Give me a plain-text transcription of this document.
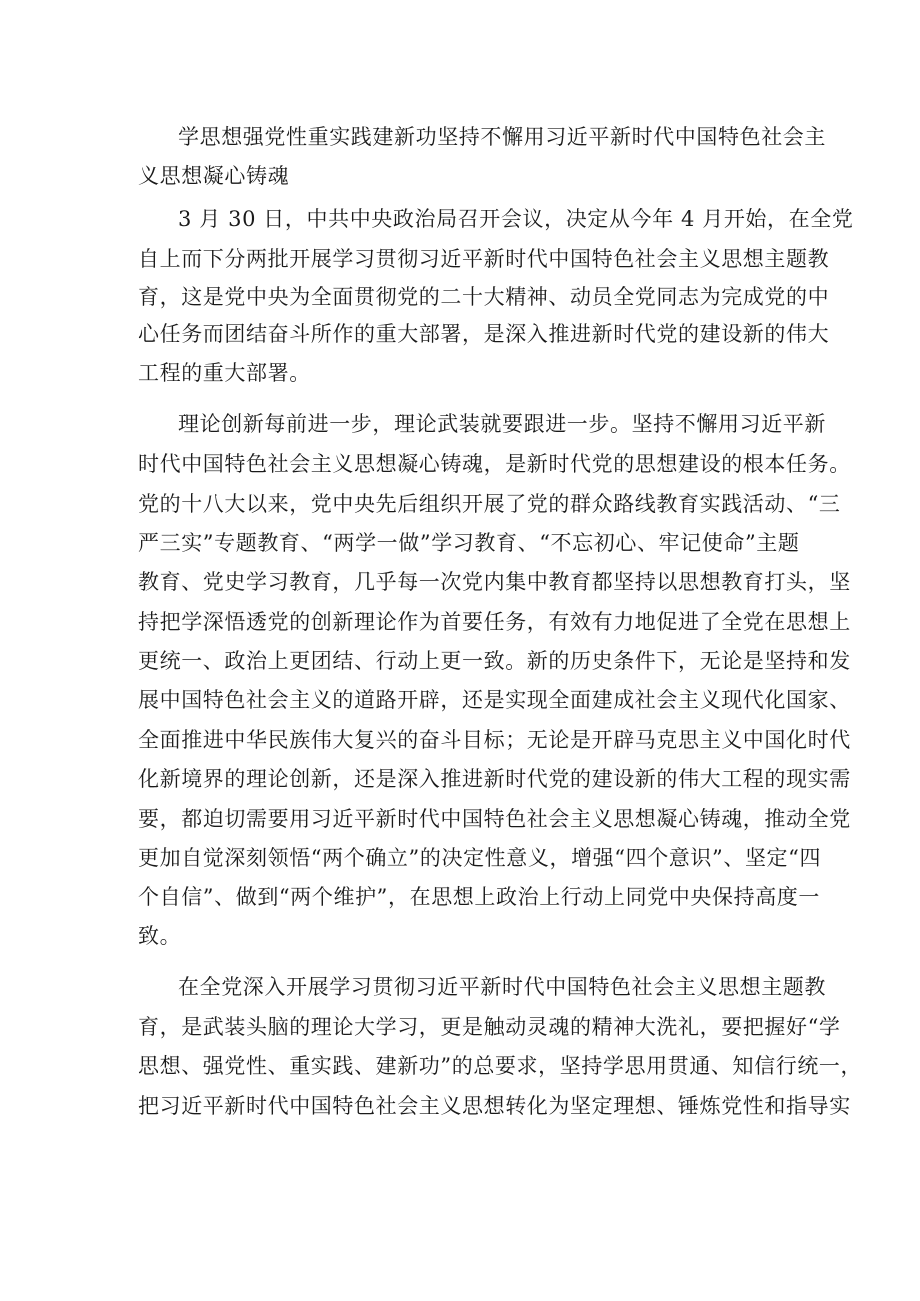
学思想强党性重实践建新功坚持不懈用习近平新时代中国特色社会主
义思想凝心铸魂
3 月 30 日，中共中央政治局召开会议，决定从今年 4 月开始，在全党
自上而下分两批开展学习贯彻习近平新时代中国特色社会主义思想主题教
育，这是党中央为全面贯彻党的二十大精神、动员全党同志为完成党的中
心任务而团结奋斗所作的重大部署，是深入推进新时代党的建设新的伟大
工程的重大部署。
理论创新每前进一步，理论武装就要跟进一步。坚持不懈用习近平新
时代中国特色社会主义思想凝心铸魂，是新时代党的思想建设的根本任务。
党的十八大以来，党中央先后组织开展了党的群众路线教育实践活动、“三
严三实”专题教育、“两学一做”学习教育、“不忘初心、牢记使命”主题
教育、党史学习教育，几乎每一次党内集中教育都坚持以思想教育打头，坚
持把学深悟透党的创新理论作为首要任务，有效有力地促进了全党在思想上
更统一、政治上更团结、行动上更一致。新的历史条件下，无论是坚持和发
展中国特色社会主义的道路开辟，还是实现全面建成社会主义现代化国家、
全面推进中华民族伟大复兴的奋斗目标；无论是开辟马克思主义中国化时代
化新境界的理论创新，还是深入推进新时代党的建设新的伟大工程的现实需
要，都迫切需要用习近平新时代中国特色社会主义思想凝心铸魂，推动全党
更加自觉深刻领悟“两个确立”的决定性意义，增强“四个意识”、坚定“四
个自信”、做到“两个维护”，在思想上政治上行动上同党中央保持高度一
致。
在全党深入开展学习贯彻习近平新时代中国特色社会主义思想主题教
育，是武装头脑的理论大学习，更是触动灵魂的精神大洗礼，要把握好“学
思想、强党性、重实践、建新功”的总要求，坚持学思用贯通、知信行统一，
把习近平新时代中国特色社会主义思想转化为坚定理想、锤炼党性和指导实
